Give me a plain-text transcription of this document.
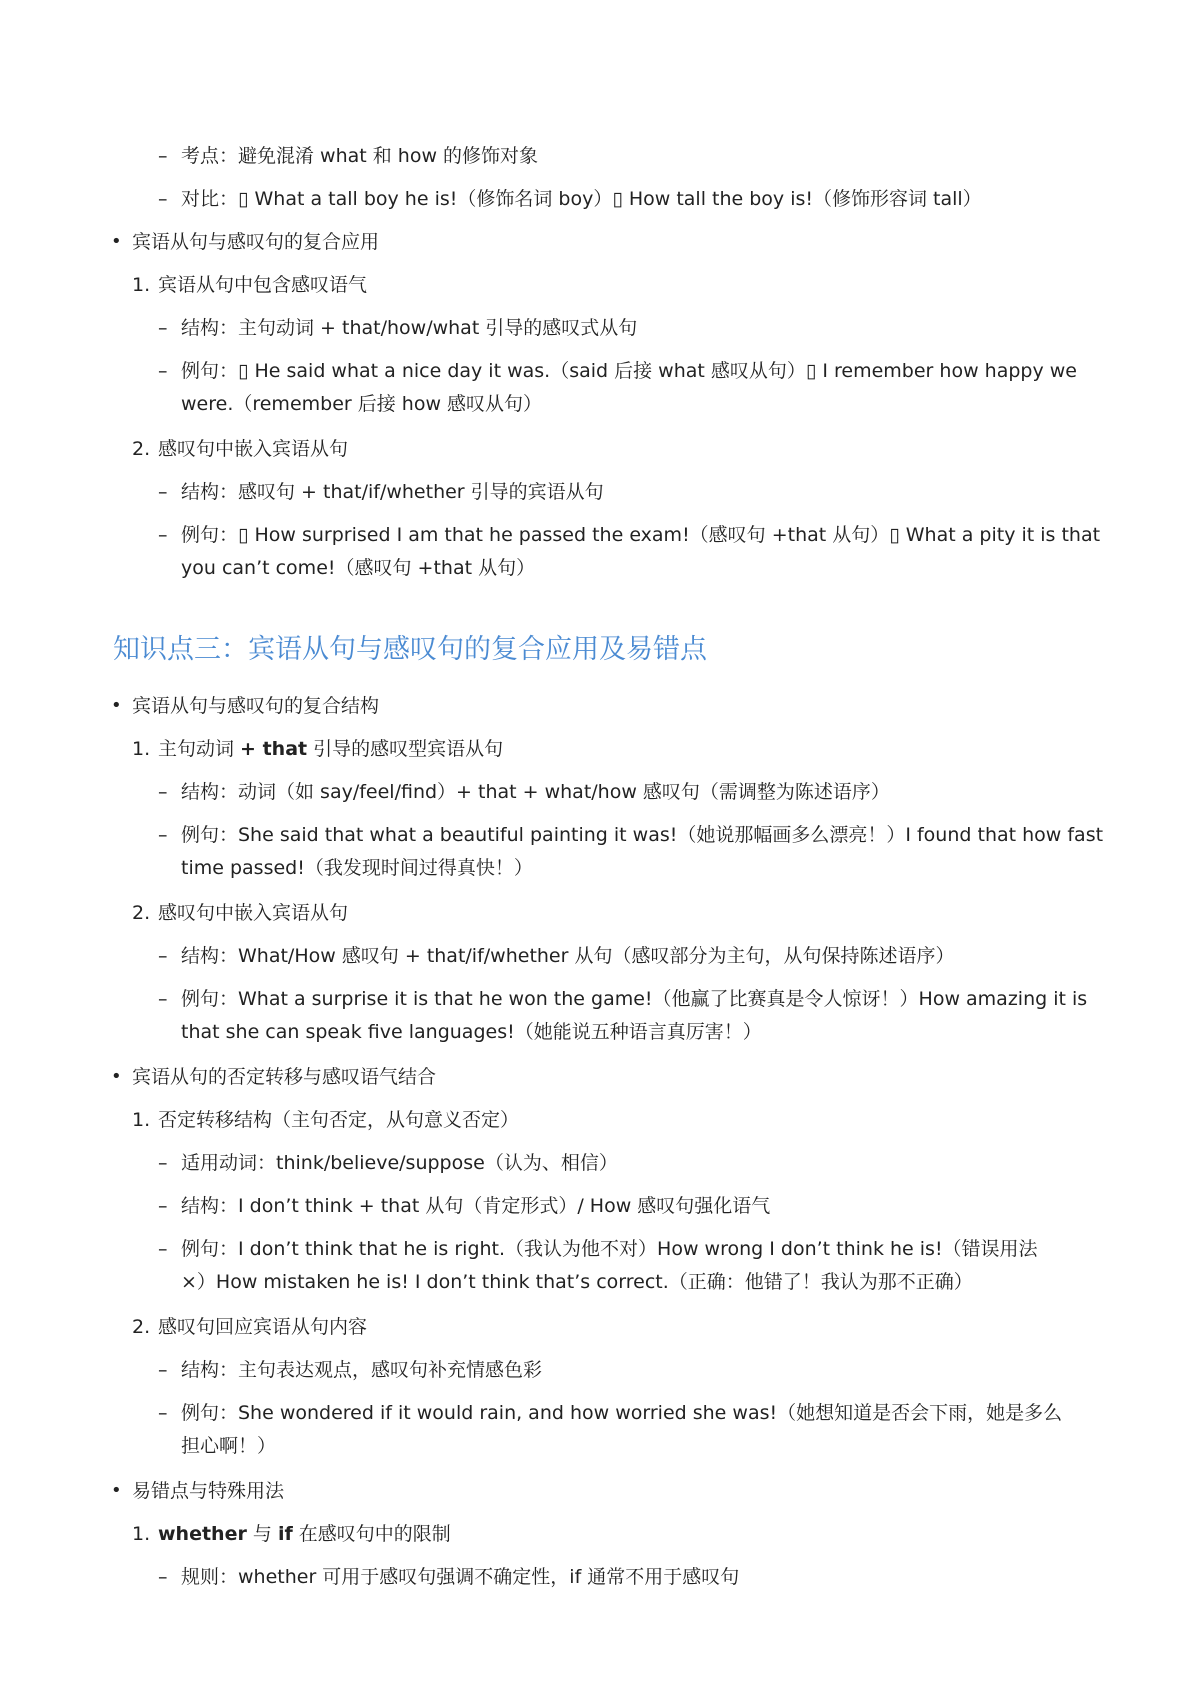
– 考点：避免混淆 what 和 how 的修饰对象
– 对比：▯ What a tall boy he is!（修饰名词 boy）▯ How tall the boy is!（修饰形容词 tall）
• 宾语从句与感叹句的复合应用
1. 宾语从句中包含感叹语气
– 结构：主句动词 + that/how/what 引导的感叹式从句
– 例句：▯ He said what a nice day it was.（said 后接 what 感叹从句）▯ I remember how happy we
were.（remember 后接 how 感叹从句）
2. 感叹句中嵌入宾语从句
– 结构：感叹句 + that/if/whether 引导的宾语从句
– 例句：▯ How surprised I am that he passed the exam!（感叹句 +that 从句）▯ What a pity it is that
you can’t come!（感叹句 +that 从句）
知识点三：宾语从句与感叹句的复合应用及易错点
• 宾语从句与感叹句的复合结构
1. 主句动词 + that 引导的感叹型宾语从句
– 结构：动词（如 say/feel/find）+ that + what/how 感叹句（需调整为陈述语序）
– 例句：She said that what a beautiful painting it was!（她说那幅画多么漂亮！）I found that how fast
time passed!（我发现时间过得真快！）
2. 感叹句中嵌入宾语从句
– 结构：What/How 感叹句 + that/if/whether 从句（感叹部分为主句，从句保持陈述语序）
– 例句：What a surprise it is that he won the game!（他赢了比赛真是令人惊讶！）How amazing it is
that she can speak five languages!（她能说五种语言真厉害！）
• 宾语从句的否定转移与感叹语气结合
1. 否定转移结构（主句否定，从句意义否定）
– 适用动词：think/believe/suppose（认为、相信）
– 结构：I don’t think + that 从句（肯定形式）/ How 感叹句强化语气
– 例句：I don’t think that he is right.（我认为他不对）How wrong I don’t think he is!（错误用法
×）How mistaken he is! I don’t think that’s correct.（正确：他错了！我认为那不正确）
2. 感叹句回应宾语从句内容
– 结构：主句表达观点，感叹句补充情感色彩
– 例句：She wondered if it would rain, and how worried she was!（她想知道是否会下雨，她是多么
担心啊！）
• 易错点与特殊用法
1. whether 与 if 在感叹句中的限制
– 规则：whether 可用于感叹句强调不确定性，if 通常不用于感叹句
